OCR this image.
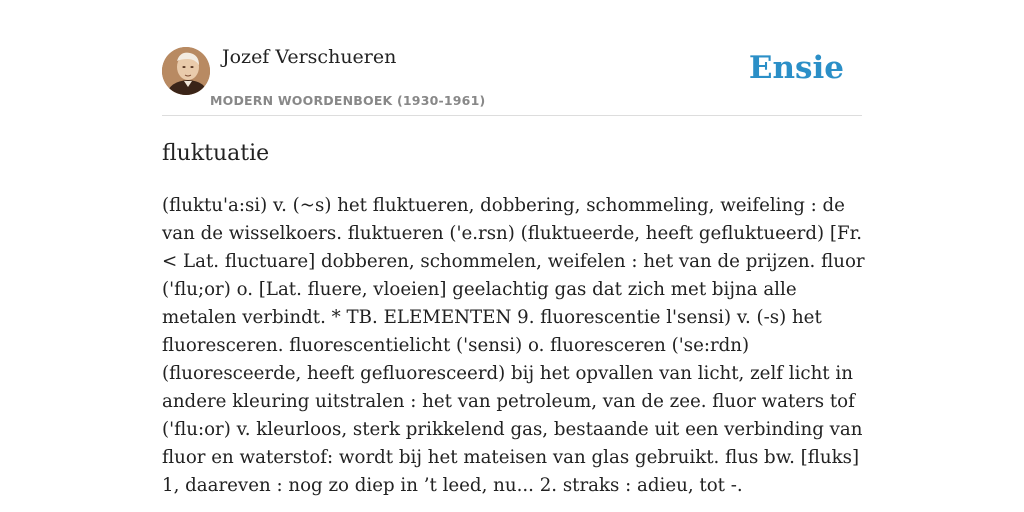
Jozef Verschueren
MODERN WOORDENBOEK (1930-1961)
Ensie
fluktuatie

(fluktu'a:si) v. (~s) het fluktueren, dobbering, schommeling, weifeling : de van de wisselkoers. fluktueren ('e.rsn) (fluktueerde, heeft gefluktueerd) [Fr. < Lat. fluctuare] dobberen, schommelen, weifelen : het van de prijzen. fluor ('flu;or) o. [Lat. fluere, vloeien] geelachtig gas dat zich met bijna alle metalen verbindt. * TB. ELEMENTEN 9. fluorescentie l'sensi) v. (-s) het fluoresceren. fluorescentielicht ('sensi) o. fluoresceren ('se:rdn) (fluoresceerde, heeft gefluoresceerd) bij het opvallen van licht, zelf licht in andere kleuring uitstralen : het van petroleum, van de zee. fluor waters tof ('flu:or) v. kleurloos, sterk prikkelend gas, bestaande uit een verbinding van fluor en waterstof: wordt bij het mateisen van glas gebruikt. flus bw. [fluks] 1, daareven : nog zo diep in ’t leed, nu... 2. straks : adieu, tot -.
